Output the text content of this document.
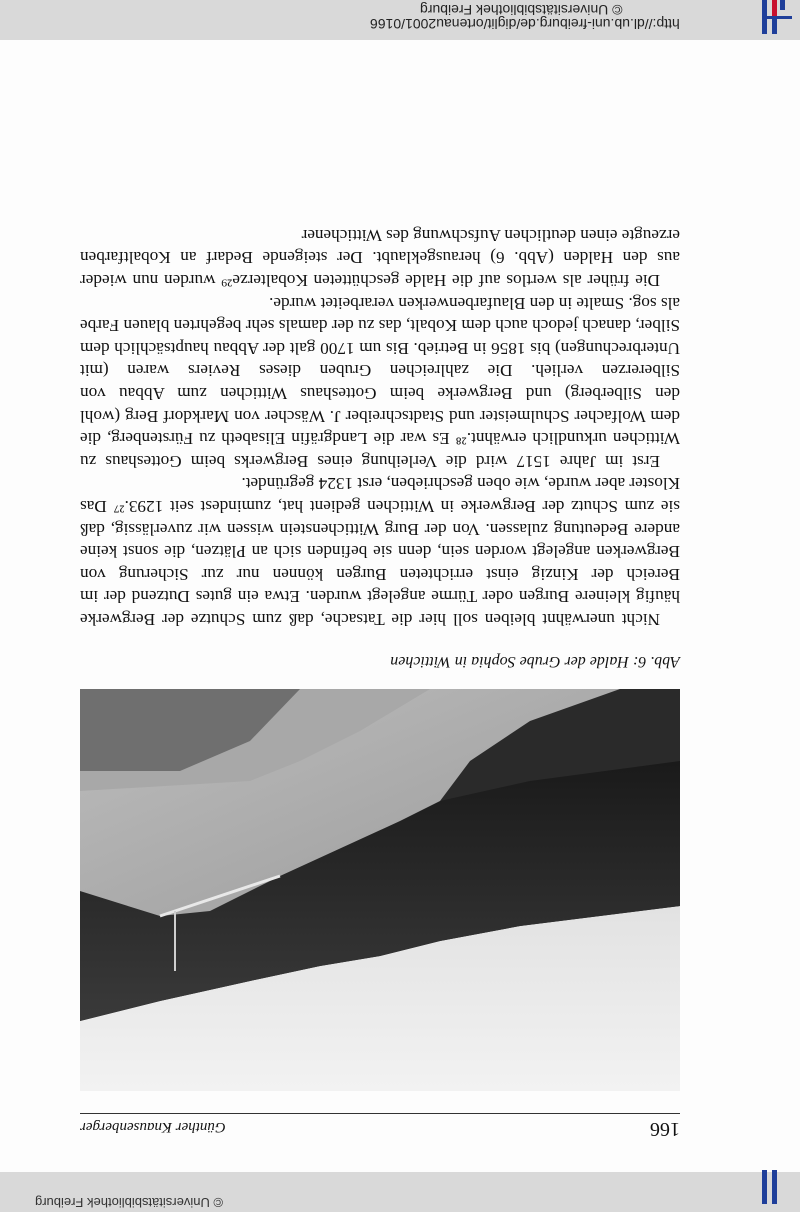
© Universitätsbibliothek Freiburg
http://dl.ub.uni-freiburg.de/diglit/ortenau2001/0166
166
Günther Knausenberger
Abb. 6: Halde der Grube Sophia in Wittichen

Nicht unerwähnt bleiben soll hier die Tatsache, daß zum Schutze der Bergwerke häufig kleinere Burgen oder Türme angelegt wurden. Etwa ein gutes Dutzend der im Bereich der Kinzig einst errichteten Burgen können nur zur Sicherung von Bergwerken angelegt worden sein, denn sie befinden sich an Plätzen, die sonst keine andere Bedeutung zulassen. Von der Burg Wittichenstein wissen wir zuverlässig, daß sie zum Schutz der Bergwerke in Wittichen gedient hat, zumindest seit 1293.²⁷ Das Kloster aber wurde, wie oben geschrieben, erst 1324 gegründet.

Erst im Jahre 1517 wird die Verleihung eines Bergwerks beim Gotteshaus zu Wittichen urkundlich erwähnt.²⁸ Es war die Landgräfin Elisabeth zu Fürstenberg, die dem Wolfacher Schulmeister und Stadtschreiber J. Wäscher von Markdorf Berg (wohl den Silberberg) und Bergwerke beim Gotteshaus Wittichen zum Abbau von Silbererzen verlieh. Die zahlreichen Gruben dieses Reviers waren (mit Unterbrechungen) bis 1856 in Betrieb. Bis um 1700 galt der Abbau hauptsächlich dem Silber, danach jedoch auch dem Kobalt, das zu der damals sehr begehrten blauen Farbe als sog. Smalte in den Blaufarbenwerken verarbeitet wurde.

Die früher als wertlos auf die Halde geschütteten Kobalterze²⁹ wurden nun wieder aus den Halden (Abb. 6) herausgeklaubt. Der steigende Bedarf an Kobaltfarben erzeugte einen deutlichen Aufschwung des Wittichener

© Universitätsbibliothek Freiburg
